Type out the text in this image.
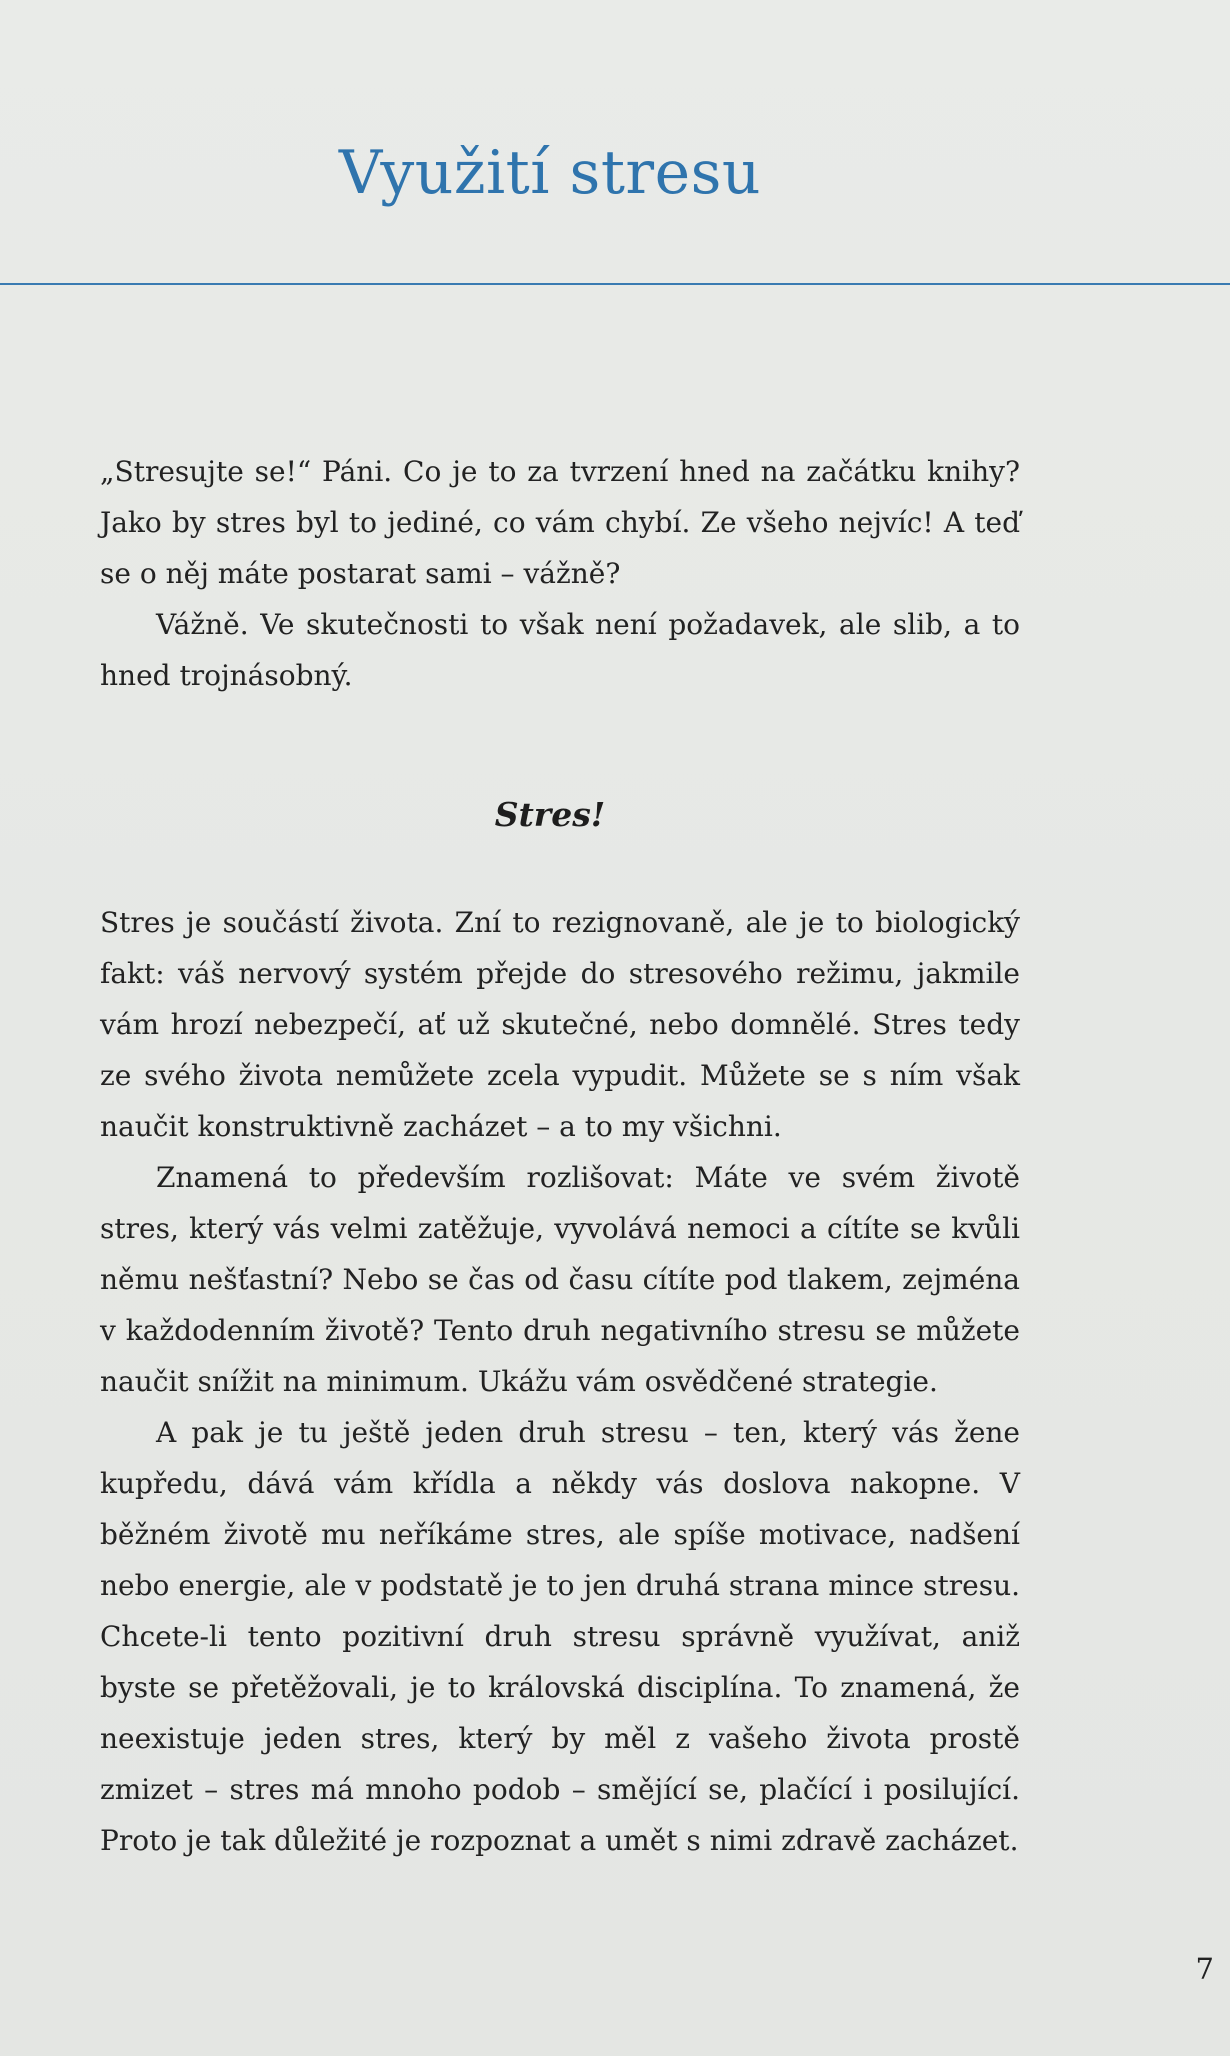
Využití stresu

„Stresujte se!“ Páni. Co je to za tvrzení hned na začátku knihy? Jako by stres byl to jediné, co vám chybí. Ze všeho nejvíc! A teď se o něj máte postarat sami – vážně?

Vážně. Ve skutečnosti to však není požadavek, ale slib, a to hned trojnásobný.

Stres!

Stres je součástí života. Zní to rezignovaně, ale je to biologický fakt: váš nervový systém přejde do stresového režimu, jakmile vám hrozí nebezpečí, ať už skutečné, nebo domnělé. Stres tedy ze svého života nemůžete zcela vypudit. Můžete se s ním však naučit konstruktivně zacházet – a to my všichni.

Znamená to především rozlišovat: Máte ve svém životě stres, který vás velmi zatěžuje, vyvolává nemoci a cítíte se kvůli němu nešťastní? Nebo se čas od času cítíte pod tlakem, zejména v každodenním životě? Tento druh negativního stresu se můžete naučit snížit na minimum. Ukážu vám osvědčené strategie.

A pak je tu ještě jeden druh stresu – ten, který vás žene kupředu, dává vám křídla a někdy vás doslova nakopne. V běžném životě mu neříkáme stres, ale spíše motivace, nadšení nebo energie, ale v podstatě je to jen druhá strana mince stresu. Chcete-li tento pozitivní druh stresu správně využívat, aniž byste se přetěžovali, je to královská disciplína. To znamená, že neexistuje jeden stres, který by měl z vašeho života prostě zmizet – stres má mnoho podob – smějící se, plačící i posilující. Proto je tak důležité je rozpoznat a umět s nimi zdravě zacházet.

7
